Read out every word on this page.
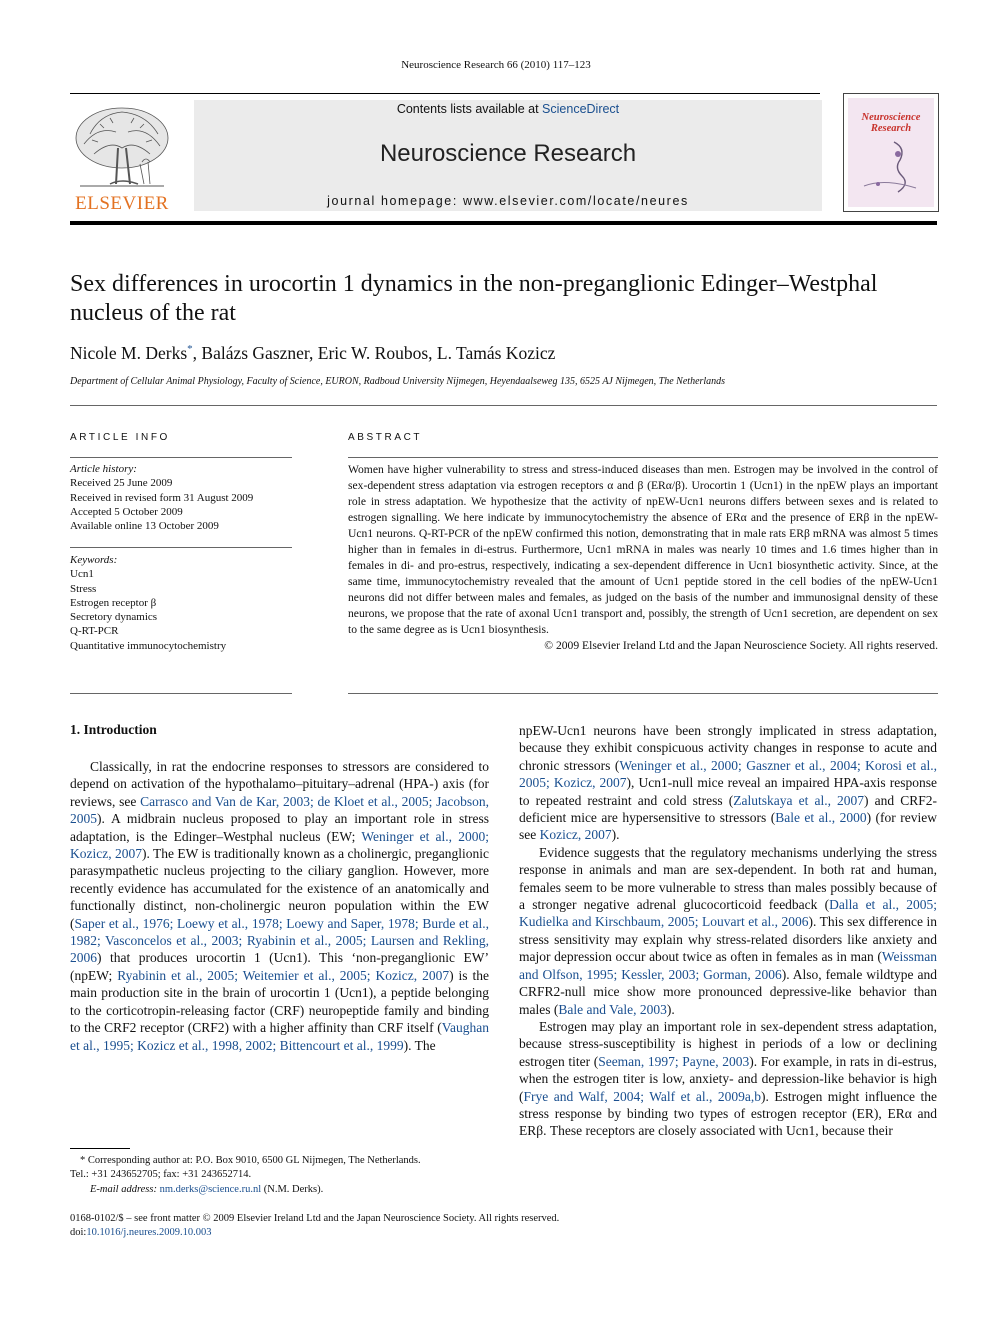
Neuroscience Research 66 (2010) 117–123
ELSEVIER
Contents lists available at ScienceDirect
Neuroscience Research
journal homepage: www.elsevier.com/locate/neures
Neuroscience Research
Sex differences in urocortin 1 dynamics in the non-preganglionic Edinger–Westphal nucleus of the rat
Nicole M. Derks*, Balázs Gaszner, Eric W. Roubos, L. Tamás Kozicz
Department of Cellular Animal Physiology, Faculty of Science, EURON, Radboud University Nijmegen, Heyendaalseweg 135, 6525 AJ Nijmegen, The Netherlands
ARTICLE INFO
Article history:
Received 25 June 2009
Received in revised form 31 August 2009
Accepted 5 October 2009
Available online 13 October 2009
Keywords:
Ucn1
Stress
Estrogen receptor β
Secretory dynamics
Q-RT-PCR
Quantitative immunocytochemistry
ABSTRACT
Women have higher vulnerability to stress and stress-induced diseases than men. Estrogen may be involved in the control of sex-dependent stress adaptation via estrogen receptors α and β (ERα/β). Urocortin 1 (Ucn1) in the npEW plays an important role in stress adaptation. We hypothesize that the activity of npEW-Ucn1 neurons differs between sexes and is related to estrogen signalling. We here indicate by immunocytochemistry the absence of ERα and the presence of ERβ in the npEW-Ucn1 neurons. Q-RT-PCR of the npEW confirmed this notion, demonstrating that in male rats ERβ mRNA was almost 5 times higher than in females in di-estrus. Furthermore, Ucn1 mRNA in males was nearly 10 times and 1.6 times higher than in females in di- and pro-estrus, respectively, indicating a sex-dependent difference in Ucn1 biosynthetic activity. Since, at the same time, immunocytochemistry revealed that the amount of Ucn1 peptide stored in the cell bodies of the npEW-Ucn1 neurons did not differ between males and females, as judged on the basis of the number and immunosignal density of these neurons, we propose that the rate of axonal Ucn1 transport and, possibly, the strength of Ucn1 secretion, are dependent on sex to the same degree as is Ucn1 biosynthesis.
© 2009 Elsevier Ireland Ltd and the Japan Neuroscience Society. All rights reserved.
1. Introduction

Classically, in rat the endocrine responses to stressors are considered to depend on activation of the hypothalamo–pituitary–adrenal (HPA-) axis (for reviews, see Carrasco and Van de Kar, 2003; de Kloet et al., 2005; Jacobson, 2005). A midbrain nucleus proposed to play an important role in stress adaptation, is the Edinger–Westphal nucleus (EW; Weninger et al., 2000; Kozicz, 2007). The EW is traditionally known as a cholinergic, preganglionic parasympathetic nucleus projecting to the ciliary ganglion. However, more recently evidence has accumulated for the existence of an anatomically and functionally distinct, non-cholinergic neuron population within the EW (Saper et al., 1976; Loewy et al., 1978; Loewy and Saper, 1978; Burde et al., 1982; Vasconcelos et al., 2003; Ryabinin et al., 2005; Laursen and Rekling, 2006) that produces urocortin 1 (Ucn1). This ‘non-preganglionic EW’ (npEW; Ryabinin et al., 2005; Weitemier et al., 2005; Kozicz, 2007) is the main production site in the brain of urocortin 1 (Ucn1), a peptide belonging to the corticotropin-releasing factor (CRF) neuropeptide family and binding to the CRF2 receptor (CRF2) with a higher affinity than CRF itself (Vaughan et al., 1995; Kozicz et al., 1998, 2002; Bittencourt et al., 1999). The

npEW-Ucn1 neurons have been strongly implicated in stress adaptation, because they exhibit conspicuous activity changes in response to acute and chronic stressors (Weninger et al., 2000; Gaszner et al., 2004; Korosi et al., 2005; Kozicz, 2007), Ucn1-null mice reveal an impaired HPA-axis response to repeated restraint and cold stress (Zalutskaya et al., 2007) and CRF2-deficient mice are hypersensitive to stressors (Bale et al., 2000) (for review see Kozicz, 2007).

Evidence suggests that the regulatory mechanisms underlying the stress response in animals and man are sex-dependent. In both rat and human, females seem to be more vulnerable to stress than males possibly because of a stronger negative adrenal glucocorticoid feedback (Dalla et al., 2005; Kudielka and Kirschbaum, 2005; Louvart et al., 2006). This sex difference in stress sensitivity may explain why stress-related disorders like anxiety and major depression occur about twice as often in females as in man (Weissman and Olfson, 1995; Kessler, 2003; Gorman, 2006). Also, female wildtype and CRFR2-null mice show more pronounced depressive-like behavior than males (Bale and Vale, 2003).

Estrogen may play an important role in sex-dependent stress adaptation, because stress-susceptibility is highest in periods of a low or declining estrogen titer (Seeman, 1997; Payne, 2003). For example, in rats in di-estrus, when the estrogen titer is low, anxiety- and depression-like behavior is high (Frye and Walf, 2004; Walf et al., 2009a,b). Estrogen might influence the stress response by binding two types of estrogen receptor (ER), ERα and ERβ. These receptors are closely associated with Ucn1, because their

* Corresponding author at: P.O. Box 9010, 6500 GL Nijmegen, The Netherlands.
Tel.: +31 243652705; fax: +31 243652714.
E-mail address: nm.derks@science.ru.nl (N.M. Derks).
0168-0102/$ – see front matter © 2009 Elsevier Ireland Ltd and the Japan Neuroscience Society. All rights reserved.
doi:10.1016/j.neures.2009.10.003
